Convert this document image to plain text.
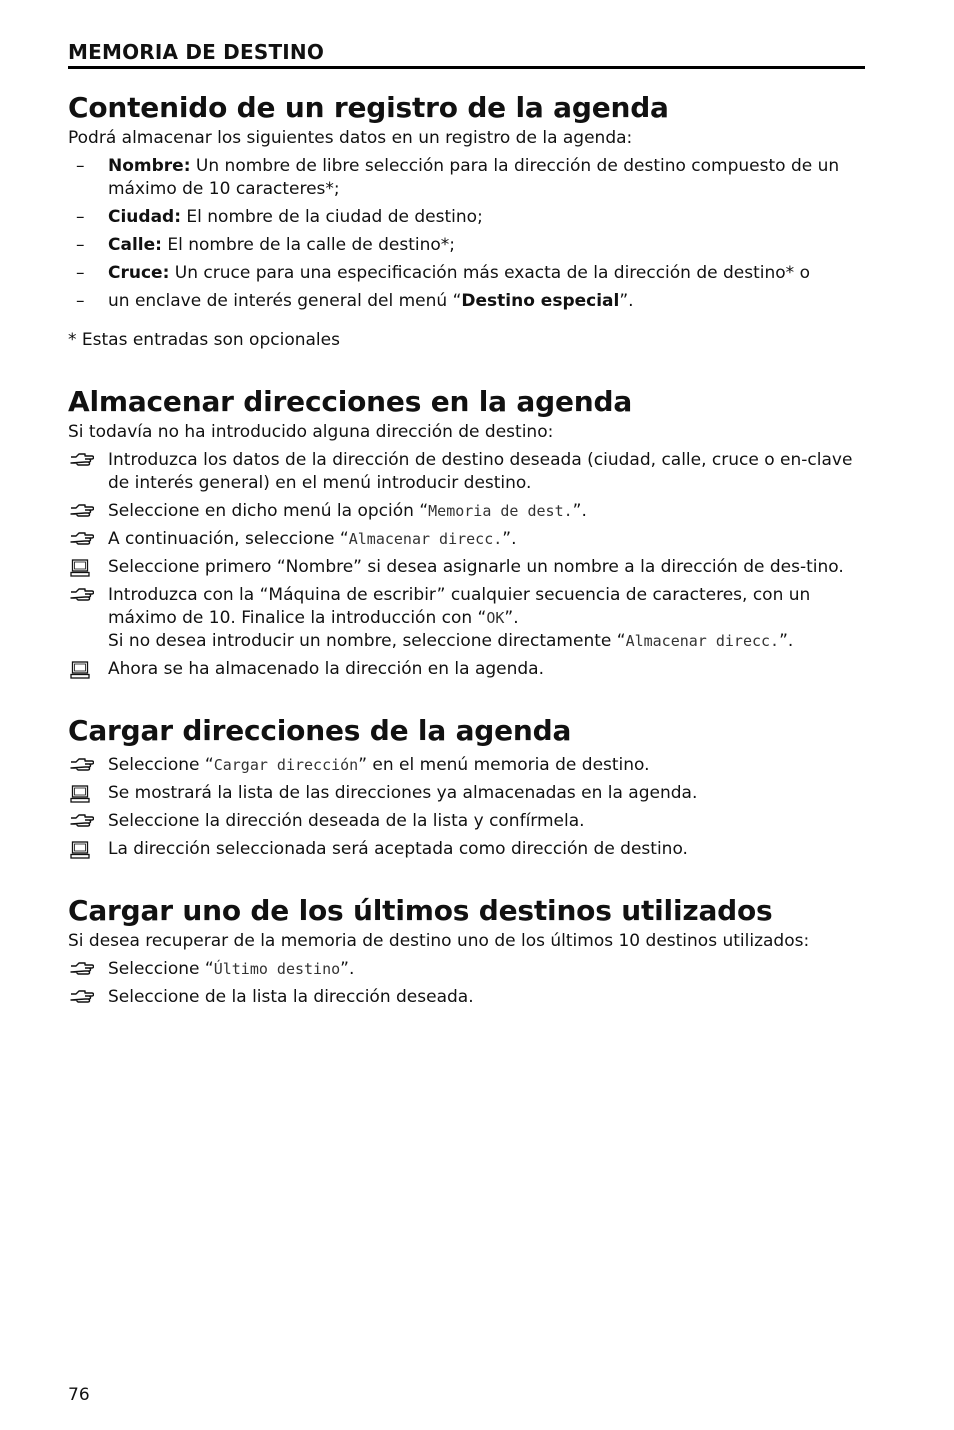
MEMORIA DE DESTINO
Contenido de un registro de la agenda
Podrá almacenar los siguientes datos en un registro de la agenda:
–
Nombre: Un nombre de libre selección para la dirección de destino compuesto de un máximo de 10 caracteres*;
–
Ciudad: El nombre de la ciudad de destino;
–
Calle: El nombre de la calle de destino*;
–
Cruce: Un cruce para una especificación más exacta de la dirección de destino* o
–
un enclave de interés general del menú “Destino especial”.
* Estas entradas son opcionales
Almacenar direcciones en la agenda
Si todavía no ha introducido alguna dirección de destino:
Introduzca los datos de la dirección de destino deseada (ciudad, calle, cruce o en-clave de interés general) en el menú introducir destino.
Seleccione en dicho menú la opción “Memoria de dest.”.
A continuación, seleccione “Almacenar direcc.”.
Seleccione primero “Nombre” si desea asignarle un nombre a la dirección de des-tino.
Introduzca con la “Máquina de escribir” cualquier secuencia de caracteres, con un máximo de 10. Finalice la introducción con “OK”.
Si no desea introducir un nombre, seleccione directamente “Almacenar direcc.”.
Ahora se ha almacenado la dirección en la agenda.
Cargar direcciones de la agenda
Seleccione “Cargar dirección” en el menú memoria de destino.
Se mostrará la lista de las direcciones ya almacenadas en la agenda.
Seleccione la dirección deseada de la lista y confírmela.
La dirección seleccionada será aceptada como dirección de destino.
Cargar uno de los últimos destinos utilizados
Si desea recuperar de la memoria de destino uno de los últimos 10 destinos utilizados:
Seleccione “Último destino”.
Seleccione de la lista la dirección deseada.
76
